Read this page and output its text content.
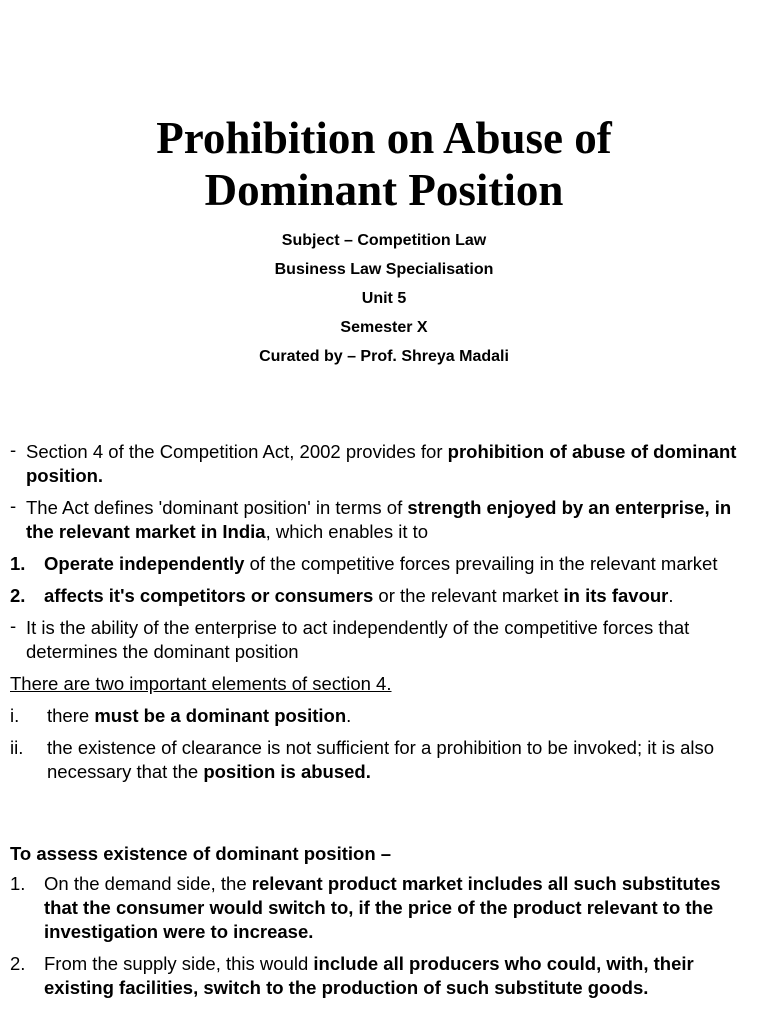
Prohibition on Abuse of
Dominant Position
Subject – Competition Law
Business Law Specialisation
Unit 5
Semester X
Curated by – Prof. Shreya Madali
- Section 4 of the Competition Act, 2002 provides for prohibition of abuse of dominant position.
- The Act defines 'dominant position' in terms of strength enjoyed by an enterprise, in the relevant market in India, which enables it to
1. Operate independently of the competitive forces prevailing in the relevant market
2. affects it's competitors or consumers or the relevant market in its favour.
- It is the ability of the enterprise to act independently of the competitive forces that determines the dominant position
There are two important elements of section 4.
i. there must be a dominant position.
ii. the existence of clearance is not sufficient for a prohibition to be invoked; it is also necessary that the position is abused.
To assess existence of dominant position –
1. On the demand side, the relevant product market includes all such substitutes that the consumer would switch to, if the price of the product relevant to the investigation were to increase.
2. From the supply side, this would include all producers who could, with, their existing facilities, switch to the production of such substitute goods.
